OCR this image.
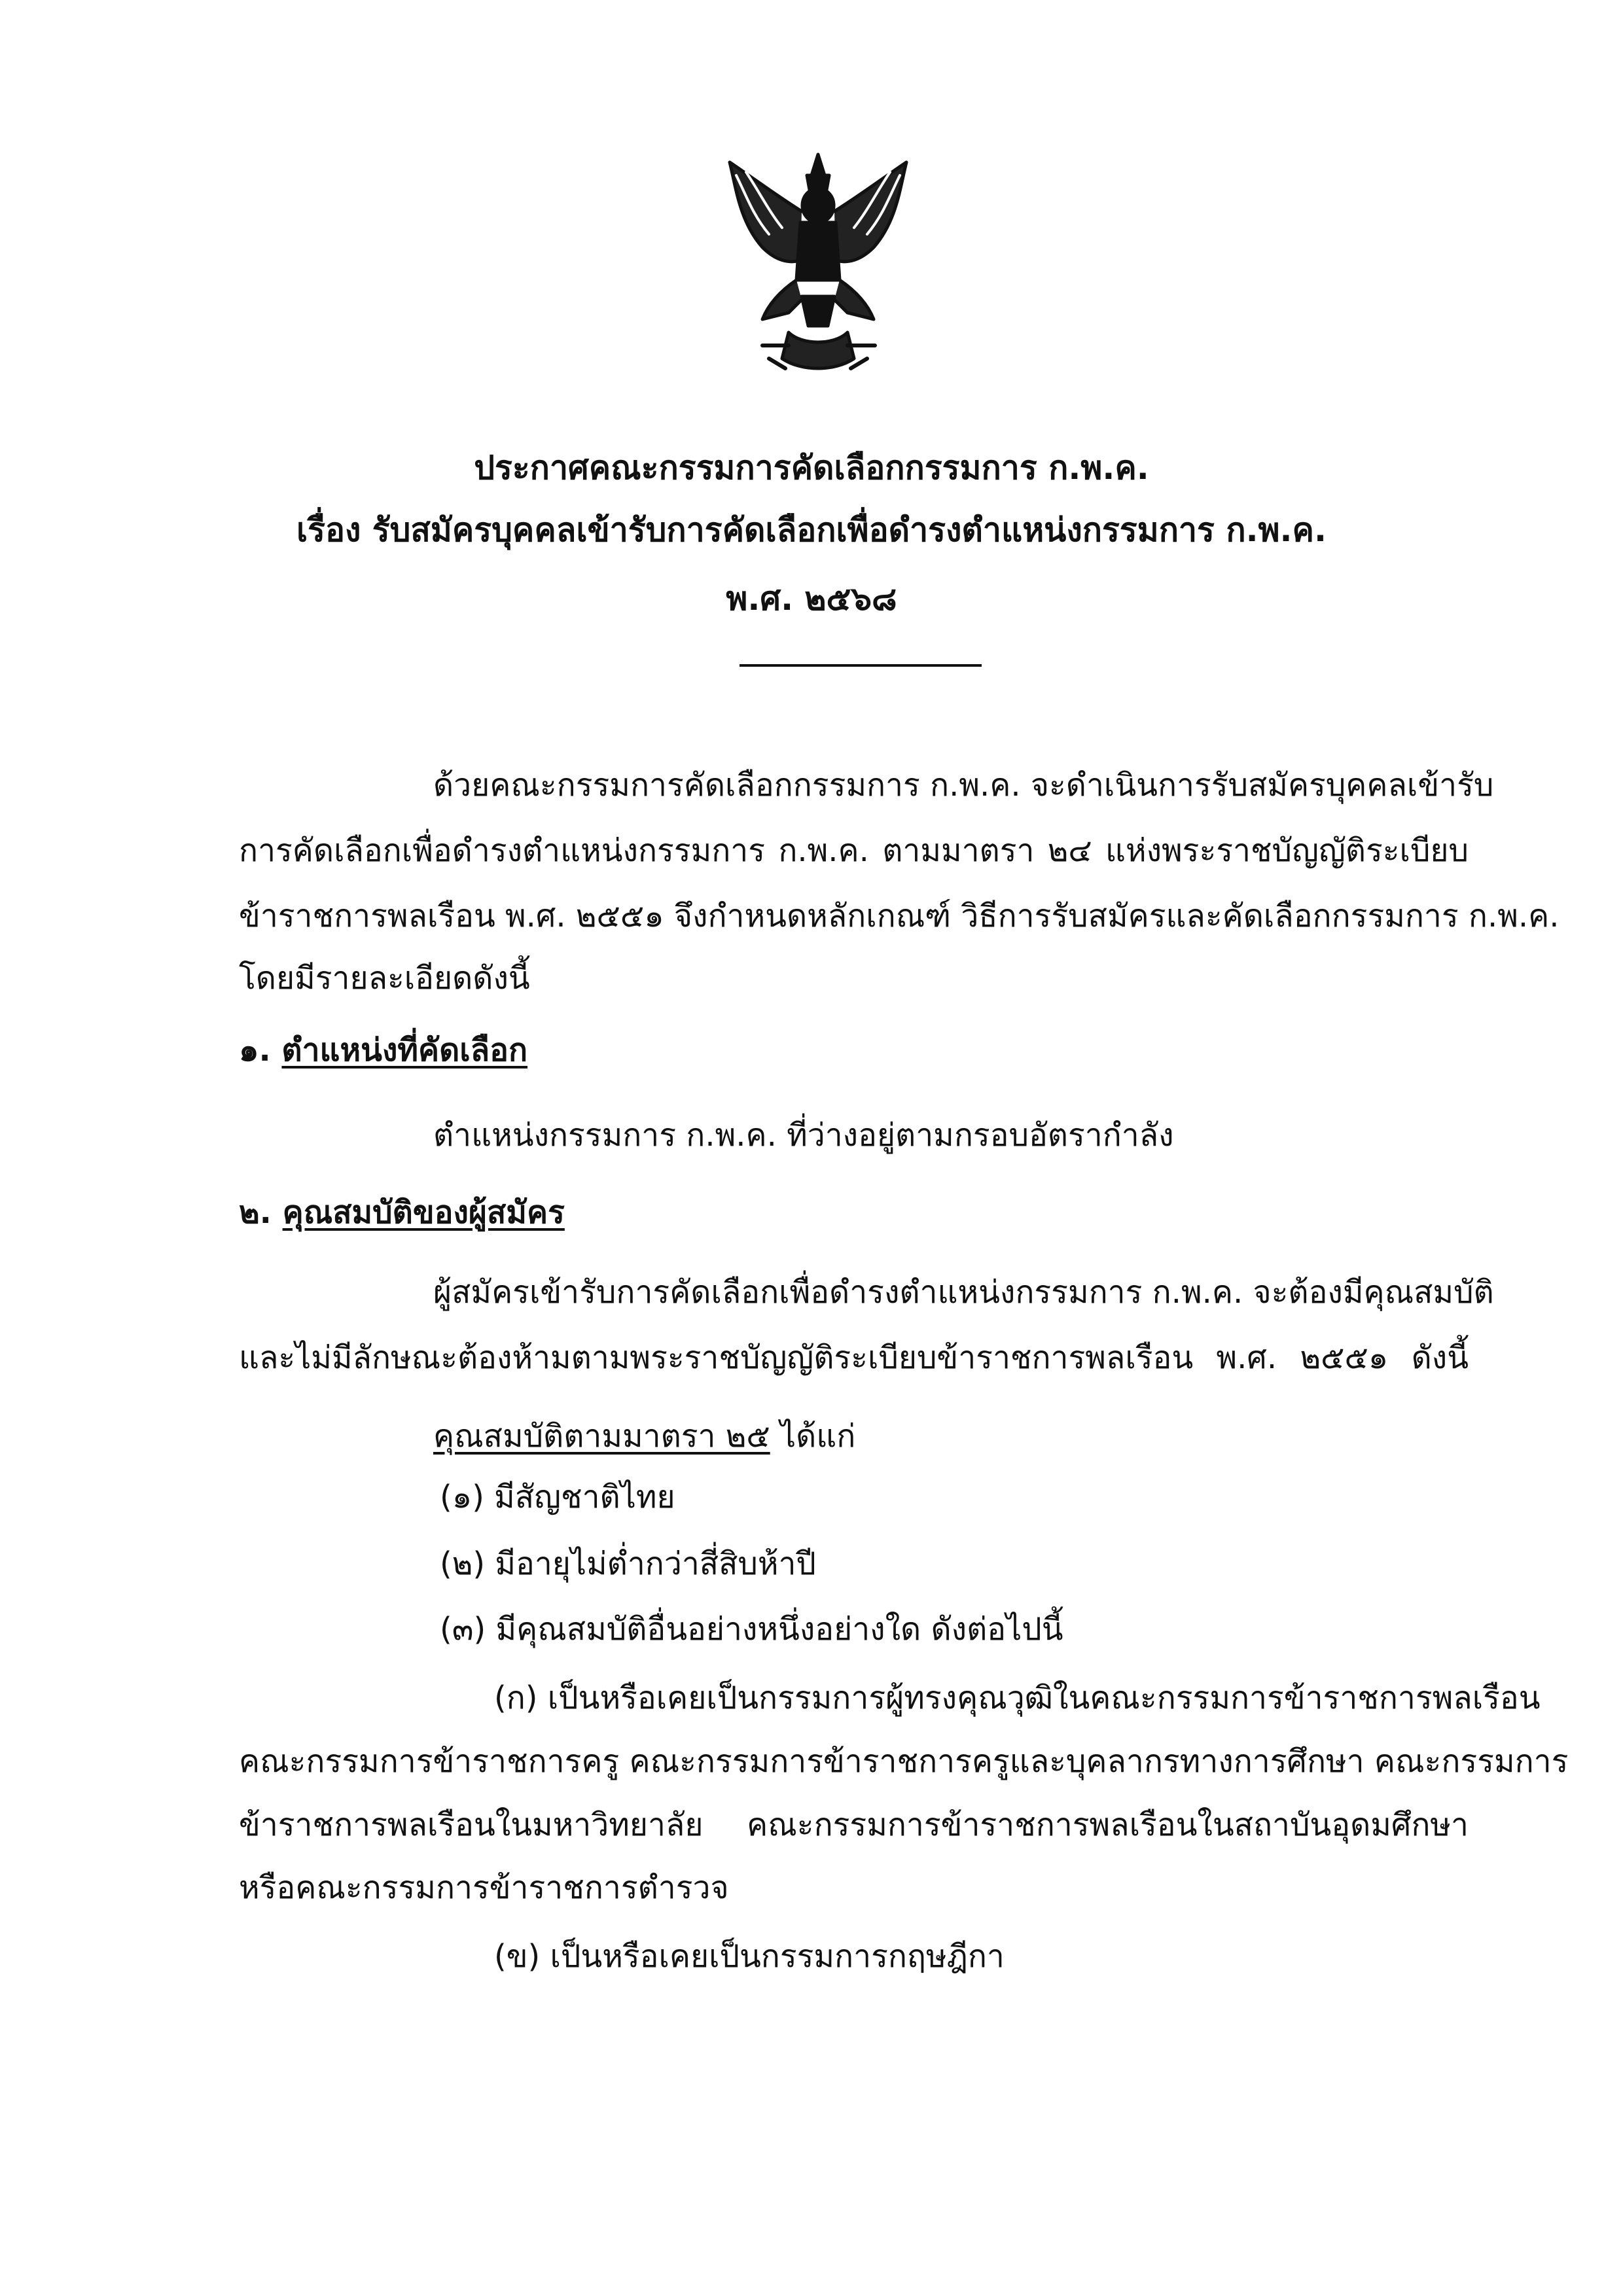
ประกาศคณะกรรมการคัดเลือกกรรมการ ก.พ.ค.
เรื่อง รับสมัครบุคคลเข้ารับการคัดเลือกเพื่อดำรงตำแหน่งกรรมการ ก.พ.ค.
พ.ศ. ๒๕๖๘
ด้วยคณะกรรมการคัดเลือกกรรมการ ก.พ.ค. จะดำเนินการรับสมัครบุคคลเข้ารับ
การคัดเลือกเพื่อดำรงตำแหน่งกรรมการ ก.พ.ค. ตามมาตรา ๒๔ แห่งพระราชบัญญัติระเบียบ
ข้าราชการพลเรือน พ.ศ. ๒๕๕๑ จึงกำหนดหลักเกณฑ์ วิธีการรับสมัครและคัดเลือกกรรมการ ก.พ.ค.
โดยมีรายละเอียดดังนี้
๑. ตำแหน่งที่คัดเลือก
ตำแหน่งกรรมการ ก.พ.ค. ที่ว่างอยู่ตามกรอบอัตรากำลัง
๒. คุณสมบัติของผู้สมัคร
ผู้สมัครเข้ารับการคัดเลือกเพื่อดำรงตำแหน่งกรรมการ ก.พ.ค. จะต้องมีคุณสมบัติ
และไม่มีลักษณะต้องห้ามตามพระราชบัญญัติระเบียบข้าราชการพลเรือน พ.ศ. ๒๕๕๑ ดังนี้
คุณสมบัติตามมาตรา ๒๕ ได้แก่
(๑) มีสัญชาติไทย
(๒) มีอายุไม่ต่ำกว่าสี่สิบห้าปี
(๓) มีคุณสมบัติอื่นอย่างหนึ่งอย่างใด ดังต่อไปนี้
(ก) เป็นหรือเคยเป็นกรรมการผู้ทรงคุณวุฒิในคณะกรรมการข้าราชการพลเรือน
คณะกรรมการข้าราชการครู คณะกรรมการข้าราชการครูและบุคลากรทางการศึกษา คณะกรรมการ
ข้าราชการพลเรือนในมหาวิทยาลัย คณะกรรมการข้าราชการพลเรือนในสถาบันอุดมศึกษา
หรือคณะกรรมการข้าราชการตำรวจ
(ข) เป็นหรือเคยเป็นกรรมการกฤษฎีกา
